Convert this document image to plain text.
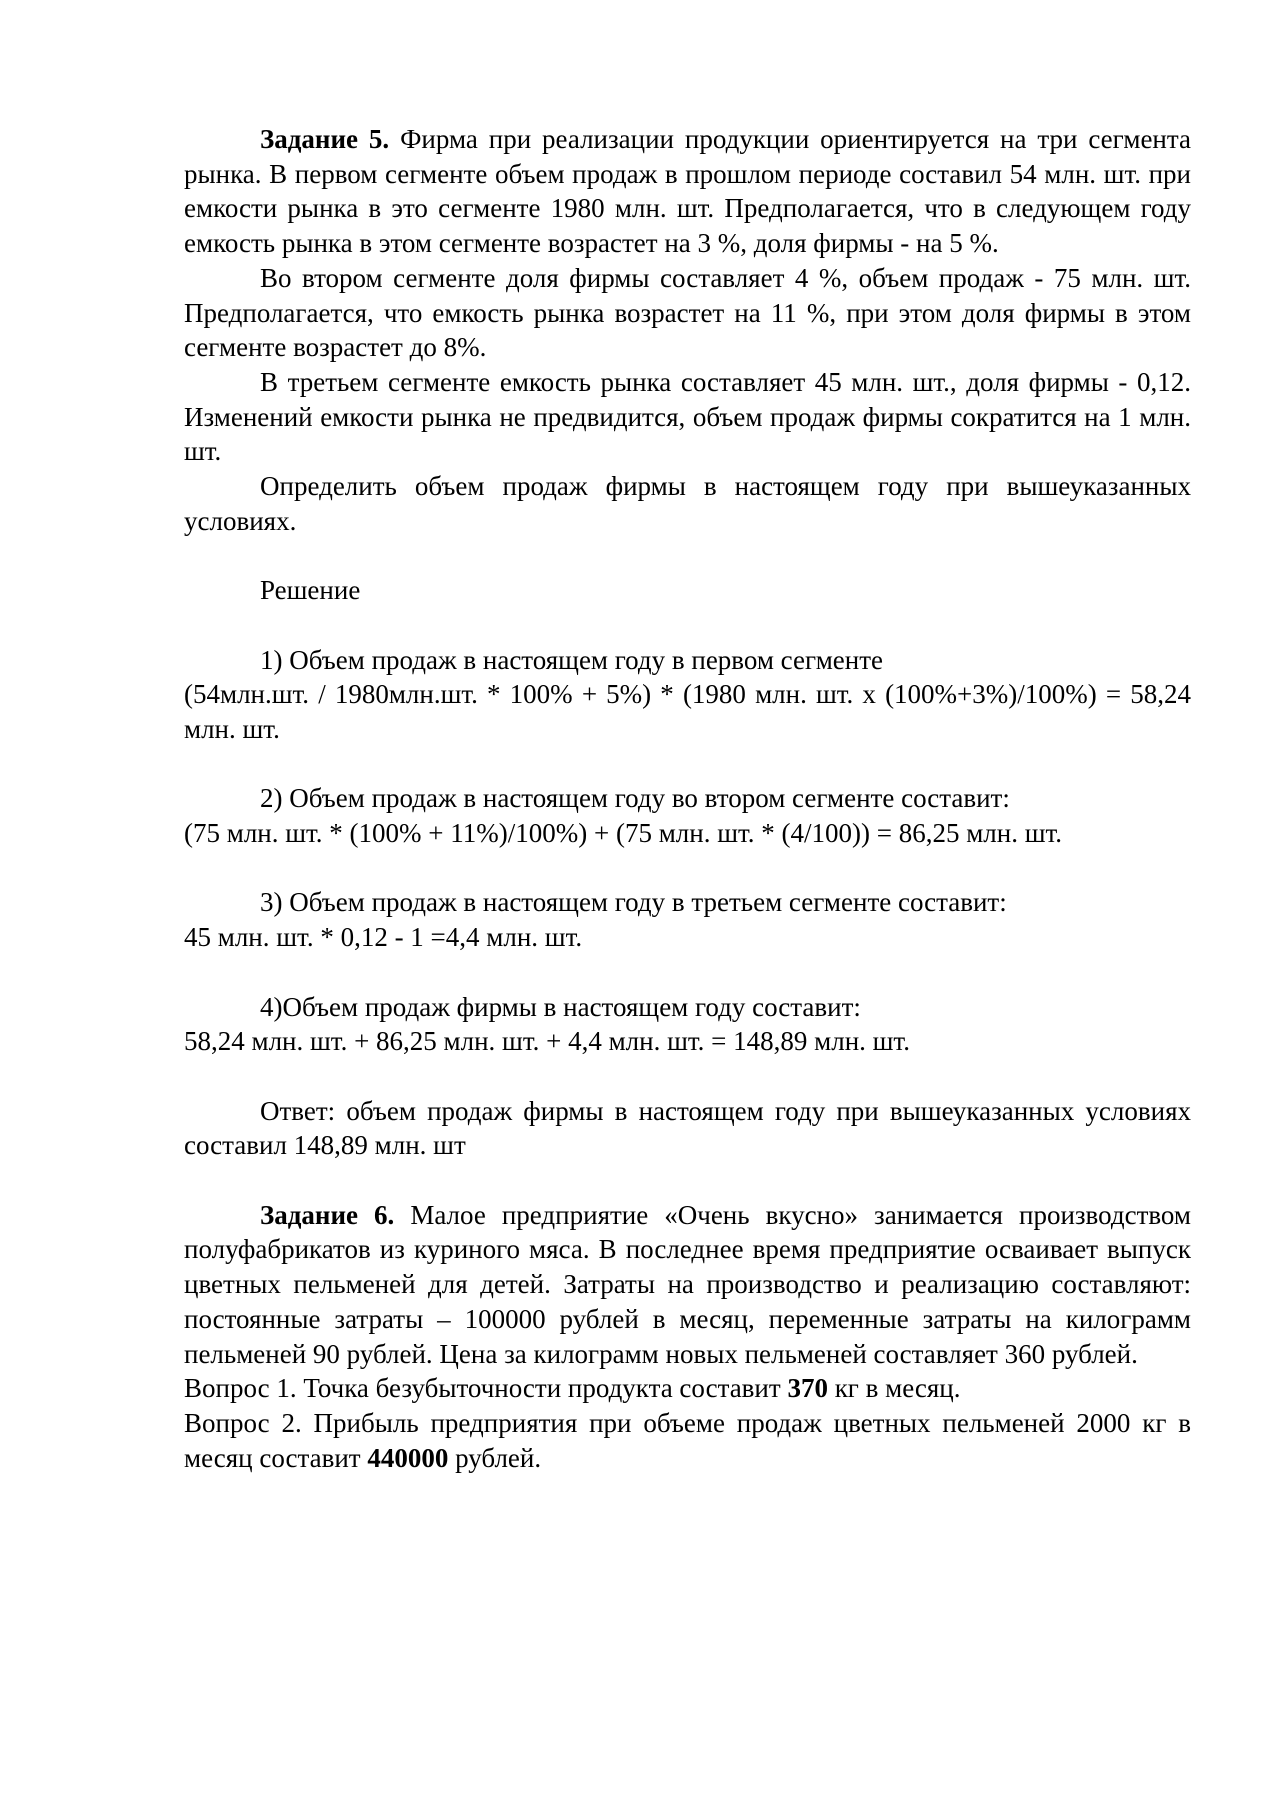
Задание 5. Фирма при реализации продукции ориентируется на три сегмента рынка. В первом сегменте объем продаж в прошлом периоде составил 54 млн. шт. при емкости рынка в это сегменте 1980 млн. шт. Предполагается, что в следующем году емкость рынка в этом сегменте возрастет на 3 %, доля фирмы - на 5 %.

Во втором сегменте доля фирмы составляет 4 %, объем продаж - 75 млн. шт. Предполагается, что емкость рынка возрастет на 11 %, при этом доля фирмы в этом сегменте возрастет до 8%.

В третьем сегменте емкость рынка составляет 45 млн. шт., доля фирмы - 0,12. Изменений емкости рынка не предвидится, объем продаж фирмы сократится на 1 млн. шт.

Определить объем продаж фирмы в настоящем году при вышеуказанных условиях.

Решение

1) Объем продаж в настоящем году в первом сегменте

(54млн.шт. / 1980млн.шт. * 100% + 5%) * (1980 млн. шт. х (100%+3%)/100%) = 58,24 млн. шт.

2) Объем продаж в настоящем году во втором сегменте составит:

(75 млн. шт. * (100% + 11%)/100%) + (75 млн. шт. * (4/100)) = 86,25 млн. шт.

3) Объем продаж в настоящем году в третьем сегменте составит:

45 млн. шт. * 0,12 - 1 =4,4 млн. шт.

4)Объем продаж фирмы в настоящем году составит:

58,24 млн. шт. + 86,25 млн. шт. + 4,4 млн. шт. = 148,89 млн. шт.

Ответ: объем продаж фирмы в настоящем году при вышеуказанных условиях составил 148,89 млн. шт

Задание 6. Малое предприятие «Очень вкусно» занимается производством полуфабрикатов из куриного мяса. В последнее время предприятие осваивает выпуск цветных пельменей для детей. Затраты на производство и реализацию составляют: постоянные затраты – 100000 рублей в месяц, переменные затраты на килограмм пельменей 90 рублей. Цена за килограмм новых пельменей составляет 360 рублей.

Вопрос 1. Точка безубыточности продукта составит 370 кг в месяц.

Вопрос 2. Прибыль предприятия при объеме продаж цветных пельменей 2000 кг в месяц составит 440000 рублей.
